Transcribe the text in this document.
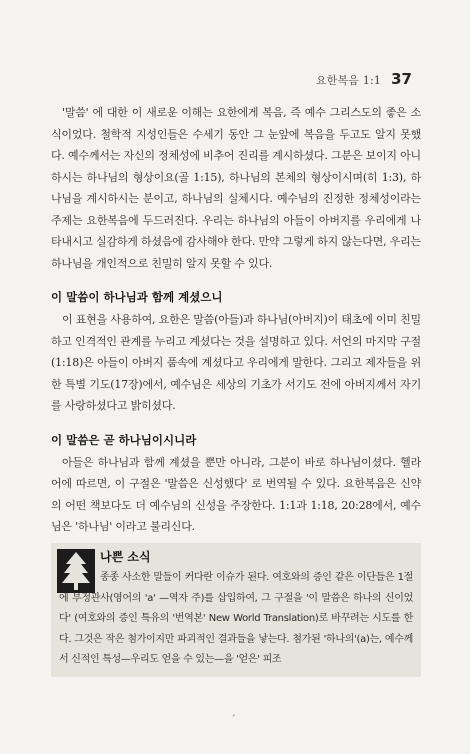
요한복음 1:1 37

'말씀' 에 대한 이 새로운 이해는 요한에게 복음, 즉 예수 그리스도의 좋은 소식이었다. 철학적 지성인들은 수세기 동안 그 눈앞에 복음을 두고도 알지 못했다. 예수께서는 자신의 정체성에 비추어 진리를 계시하셨다. 그분은 보이지 아니하시는 하나님의 형상이요(골 1:15), 하나님의 본체의 형상이시며(히 1:3), 하나님을 계시하시는 분이고, 하나님의 실체시다. 예수님의 진정한 정체성이라는 주제는 요한복음에 두드러진다. 우리는 하나님의 아들이 아버지를 우리에게 나타내시고 실감하게 하셨음에 감사해야 한다. 만약 그렇게 하지 않는다면, 우리는 하나님을 개인적으로 친밀히 알지 못할 수 있다.

이 말씀이 하나님과 함께 계셨으니

이 표현을 사용하여, 요한은 말씀(아들)과 하나님(아버지)이 태초에 이미 친밀하고 인격적인 관계를 누리고 계셨다는 것을 설명하고 있다. 서언의 마지막 구절(1:18)은 아들이 아버지 품속에 계셨다고 우리에게 말한다. 그리고 제자들을 위한 특별 기도(17장)에서, 예수님은 세상의 기초가 서기도 전에 아버지께서 자기를 사랑하셨다고 밝히셨다.

이 말씀은 곧 하나님이시니라

아들은 하나님과 함께 계셨을 뿐만 아니라, 그분이 바로 하나님이셨다. 헬라어에 따르면, 이 구절은 '말씀은 신성했다' 로 번역될 수 있다. 요한복음은 신약의 어떤 책보다도 더 예수님의 신성을 주장한다. 1:1과 1:18, 20:28에서, 예수님은 '하나님' 이라고 불리신다.

나쁜 소식
종종 사소한 말들이 커다란 이슈가 된다. 여호와의 증인 같은 이단들은 1절에 부정관사(영어의 'a' —역자 주)를 삽입하여, 그 구절을 '이 말씀은 하나의 신이었다' (여호와의 증인 특유의 '번역본' New World Translation)로 바꾸려는 시도를 한다. 그것은 작은 첨가이지만 파괴적인 결과들을 낳는다. 첨가된 '하나의'(a)는, 예수께서 신적인 특성—우리도 얻을 수 있는—을 '얻은' 피조
•
